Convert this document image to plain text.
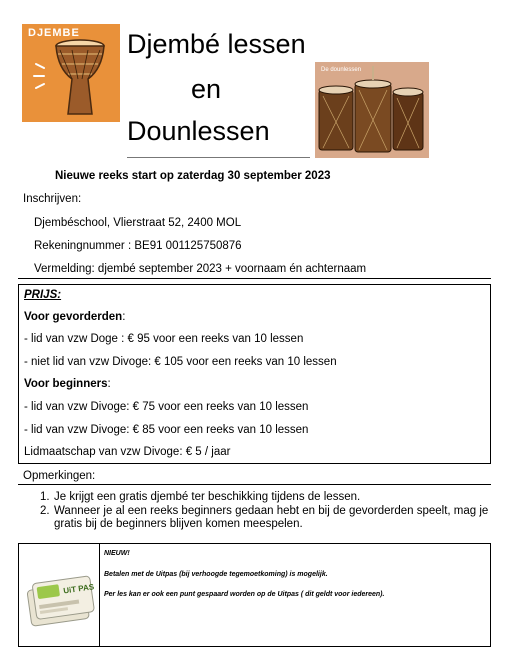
DJEMBE Djembé lessen
en
Dounlessen
De dounlessen
Nieuwe reeks start op zaterdag 30 september 2023
Inschrijven:
Djembéschool, Vlierstraat 52, 2400 MOL
Rekeningnummer : BE91 001125750876
Vermelding: djembé september 2023 + voornaam én achternaam
PRIJS:
Voor gevorderden:
- lid van vzw Doge : € 95 voor een reeks van 10 lessen
- niet lid van vzw Divoge: € 105 voor een reeks van 10 lessen
Voor beginners:
- lid van vzw Divoge: € 75 voor een reeks van 10 lessen
- lid van vzw Divoge: € 85 voor een reeks van 10 lessen
Lidmaatschap van vzw Divoge: € 5 / jaar
Opmerkingen:
1. Je krijgt een gratis djembé ter beschikking tijdens de lessen.
2. Wanneer je al een reeks beginners gedaan hebt en bij de gevorderden speelt, mag je gratis bij de beginners blijven komen meespelen.
NIEUW!
Betalen met de Uitpas (bij verhoogde tegemoetkoming) is mogelijk.
Per les kan er ook een punt gespaard worden op de Uitpas ( dit geldt voor iedereen).
UiT PAS
